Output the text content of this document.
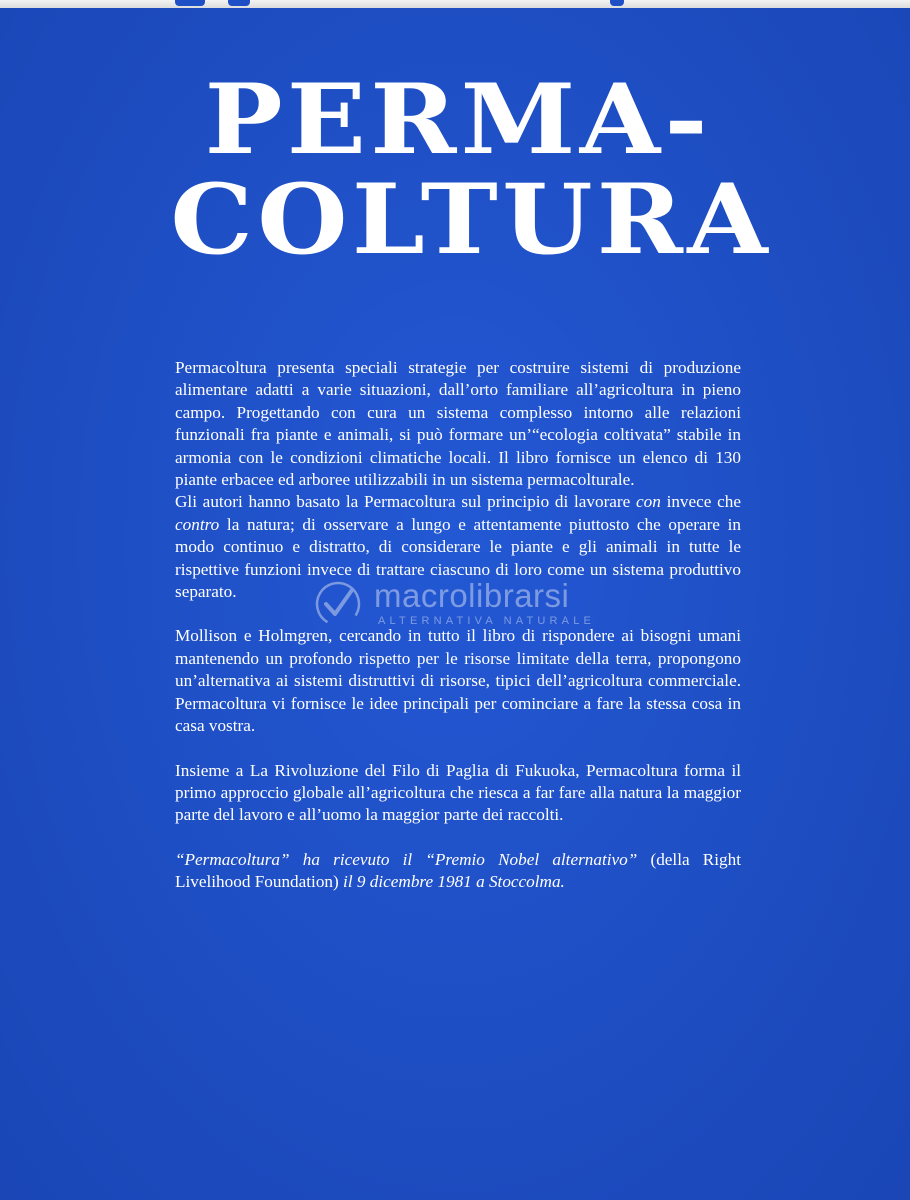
PERMA-
COLTURA

Permacoltura presenta speciali strategie per costruire sistemi di produzione alimentare adatti a varie situazioni, dall’orto familiare all’agricoltura in pieno campo. Progettando con cura un sistema complesso intorno alle relazioni funzionali fra piante e animali, si può formare un’“ecologia coltivata” stabile in armonia con le condizioni climatiche locali. Il libro fornisce un elenco di 130 piante erbacee ed arboree utilizzabili in un sistema permacolturale.

Gli autori hanno basato la Permacoltura sul principio di lavorare con invece che contro la natura; di osservare a lungo e attentamente piuttosto che operare in modo continuo e distratto, di considerare le piante e gli animali in tutte le rispettive funzioni invece di trattare ciascuno di loro come un sistema produttivo separato.

Mollison e Holmgren, cercando in tutto il libro di rispondere ai bisogni umani mantenendo un profondo rispetto per le risorse limitate della terra, propongono un’alternativa ai sistemi distruttivi di risorse, tipici dell’agricoltura commerciale. Permacoltura vi fornisce le idee principali per cominciare a fare la stessa cosa in casa vostra.

Insieme a La Rivoluzione del Filo di Paglia di Fukuoka, Permacoltura forma il primo approccio globale all’agricoltura che riesca a far fare alla natura la maggior parte del lavoro e all’uomo la maggior parte dei raccolti.

“Permacoltura” ha ricevuto il “Premio Nobel alternativo” (della Right Livelihood Foundation) il 9 dicembre 1981 a Stoccolma.

macrolibrarsi
ALTERNATIVA NATURALE
